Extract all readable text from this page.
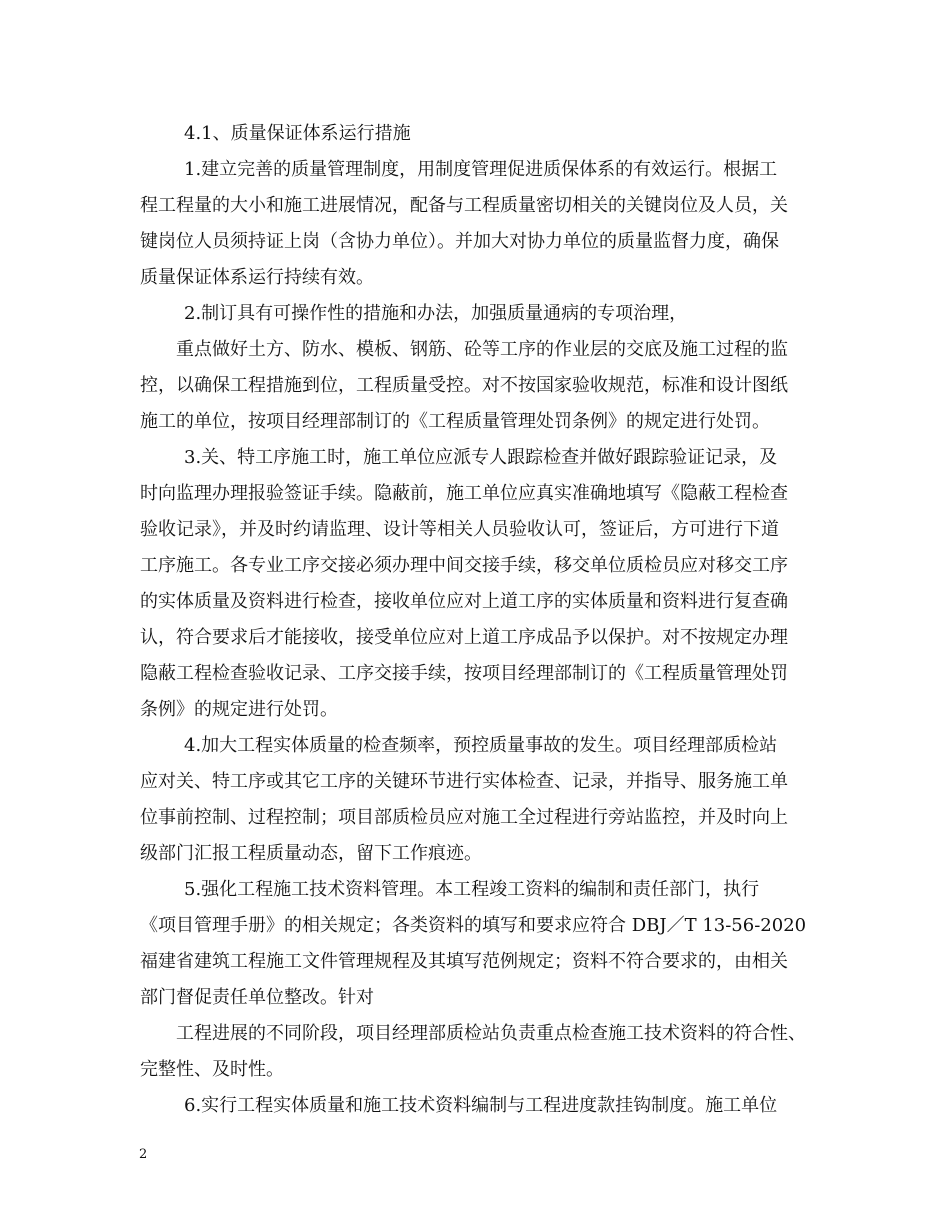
4.1、质量保证体系运行措施
1.建立完善的质量管理制度，用制度管理促进质保体系的有效运行。根据工
程工程量的大小和施工进展情况，配备与工程质量密切相关的关键岗位及人员，关
键岗位人员须持证上岗（含协力单位）。并加大对协力单位的质量监督力度，确保
质量保证体系运行持续有效。
2.制订具有可操作性的措施和办法，加强质量通病的专项治理，
重点做好土方、防水、模板、钢筋、砼等工序的作业层的交底及施工过程的监
控，以确保工程措施到位，工程质量受控。对不按国家验收规范，标准和设计图纸
施工的单位，按项目经理部制订的《工程质量管理处罚条例》的规定进行处罚。
3.关、特工序施工时，施工单位应派专人跟踪检查并做好跟踪验证记录，及
时向监理办理报验签证手续。隐蔽前，施工单位应真实准确地填写《隐蔽工程检查
验收记录》，并及时约请监理、设计等相关人员验收认可，签证后，方可进行下道
工序施工。各专业工序交接必须办理中间交接手续，移交单位质检员应对移交工序
的实体质量及资料进行检查，接收单位应对上道工序的实体质量和资料进行复查确
认，符合要求后才能接收，接受单位应对上道工序成品予以保护。对不按规定办理
隐蔽工程检查验收记录、工序交接手续，按项目经理部制订的《工程质量管理处罚
条例》的规定进行处罚。
4.加大工程实体质量的检查频率，预控质量事故的发生。项目经理部质检站
应对关、特工序或其它工序的关键环节进行实体检查、记录，并指导、服务施工单
位事前控制、过程控制；项目部质检员应对施工全过程进行旁站监控，并及时向上
级部门汇报工程质量动态，留下工作痕迹。
5.强化工程施工技术资料管理。本工程竣工资料的编制和责任部门，执行
《项目管理手册》的相关规定；各类资料的填写和要求应符合 DBJ／T 13-56-2020
福建省建筑工程施工文件管理规程及其填写范例规定；资料不符合要求的，由相关
部门督促责任单位整改。针对
工程进展的不同阶段，项目经理部质检站负责重点检查施工技术资料的符合性、
完整性、及时性。
6.实行工程实体质量和施工技术资料编制与工程进度款挂钩制度。施工单位
2
